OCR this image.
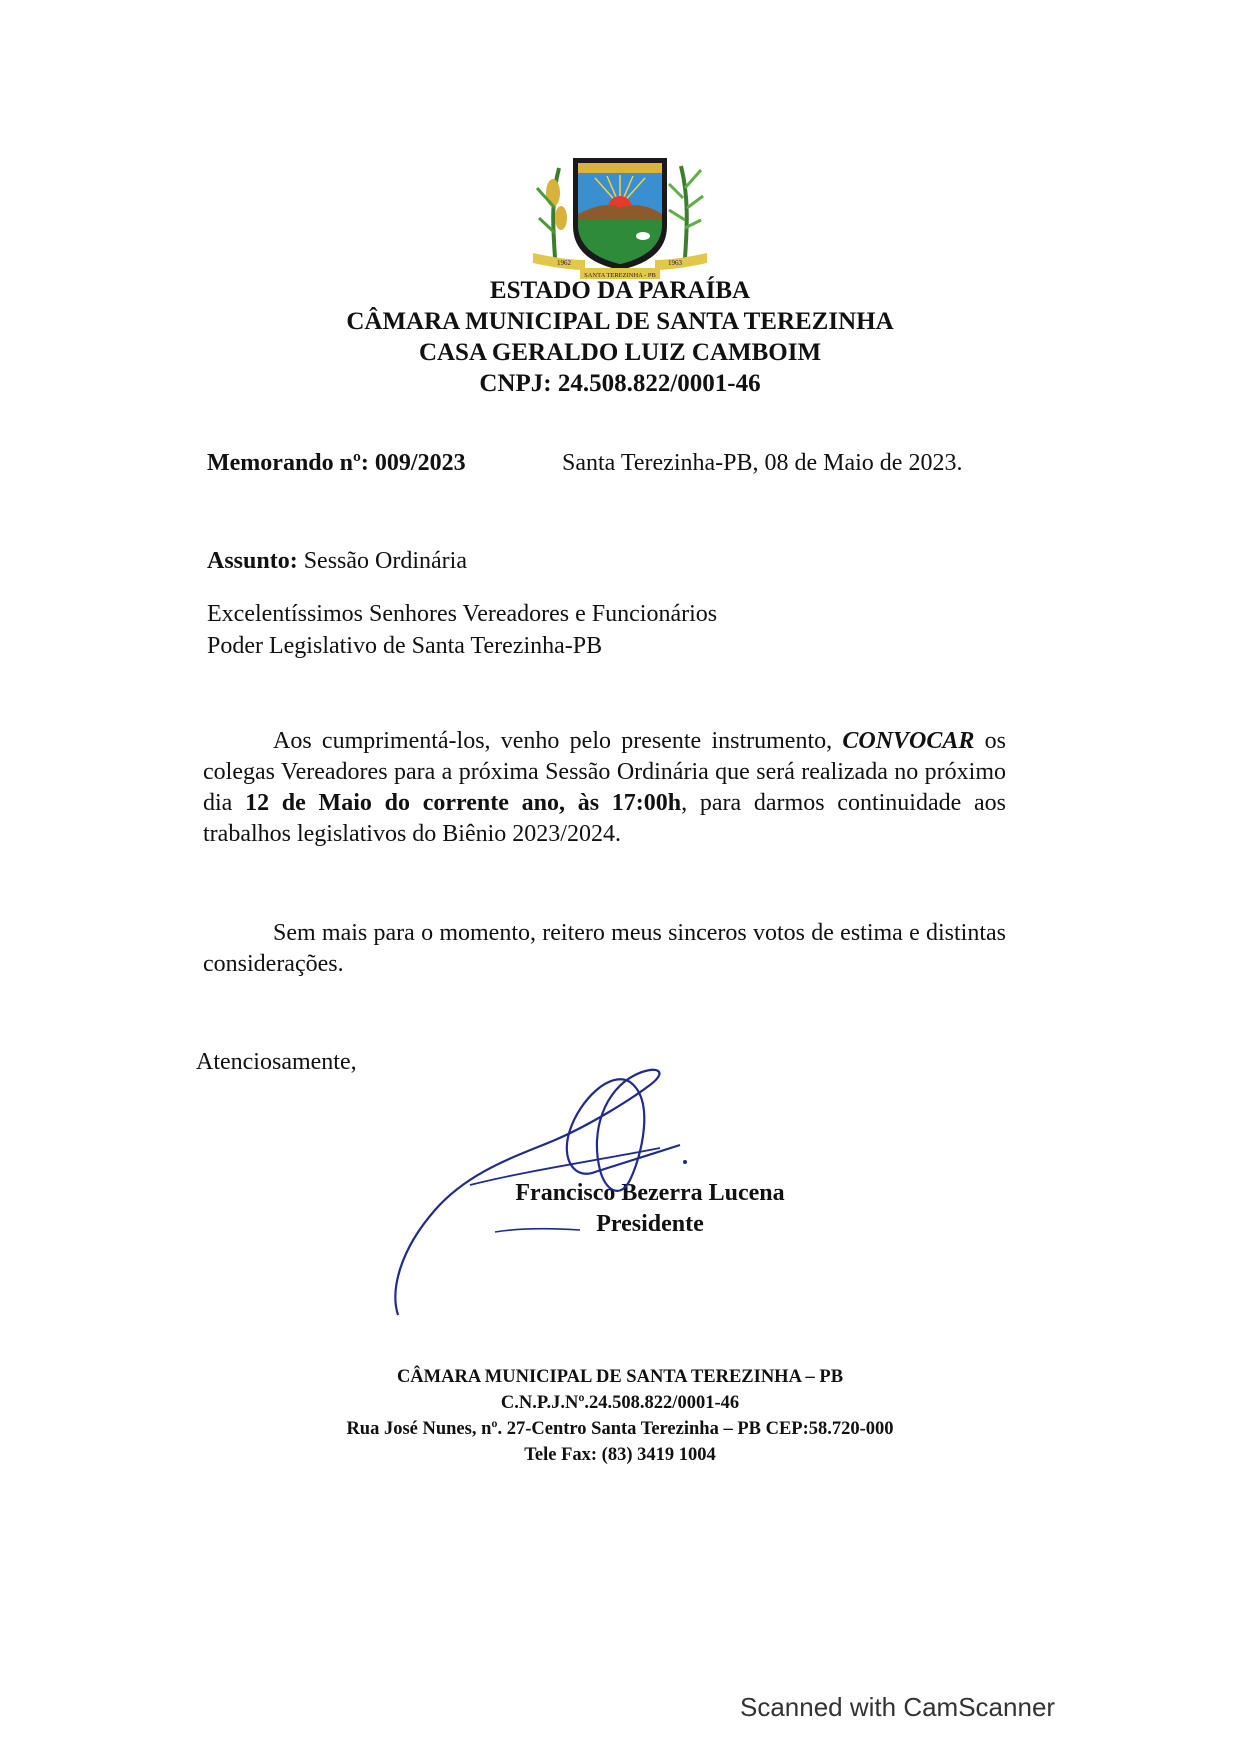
1962	1963
SANTA TEREZINHA - PB
ESTADO DA PARAÍBA
CÂMARA MUNICIPAL DE SANTA TEREZINHA
CASA GERALDO LUIZ CAMBOIM
CNPJ: 24.508.822/0001-46
Memorando nº: 009/2023	Santa Terezinha-PB, 08 de Maio de 2023.
Assunto: Sessão Ordinária
Excelentíssimos Senhores Vereadores e Funcionários
Poder Legislativo de Santa Terezinha-PB
Aos cumprimentá-los, venho pelo presente instrumento, CONVOCAR os colegas Vereadores para a próxima Sessão Ordinária que será realizada no próximo dia 12 de Maio do corrente ano, às 17:00h, para darmos continuidade aos trabalhos legislativos do Biênio 2023/2024.
Sem mais para o momento, reitero meus sinceros votos de estima e distintas considerações.
Atenciosamente,
Francisco Bezerra Lucena
Presidente
CÂMARA MUNICIPAL DE SANTA TEREZINHA – PB
C.N.P.J.Nº.24.508.822/0001-46
Rua José Nunes, nº. 27-Centro Santa Terezinha – PB CEP:58.720-000
Tele Fax: (83) 3419 1004
Scanned with CamScanner
